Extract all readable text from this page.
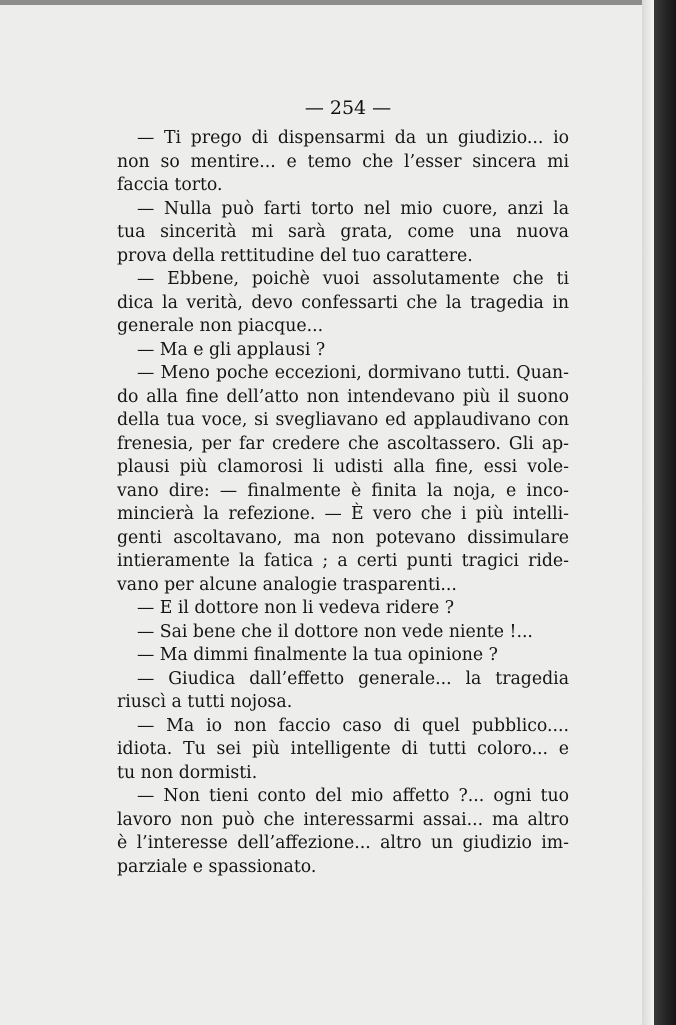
— 254 —
— Ti prego di dispensarmi da un giudizio... io
non so mentire... e temo che l’esser sincera mi
faccia torto.
— Nulla può farti torto nel mio cuore, anzi la
tua sincerità mi sarà grata, come una nuova
prova della rettitudine del tuo carattere.
— Ebbene, poichè vuoi assolutamente che ti
dica la verità, devo confessarti che la tragedia in
generale non piacque...
— Ma e gli applausi ?
— Meno poche eccezioni, dormivano tutti. Quan-
do alla fine dell’atto non intendevano più il suono
della tua voce, si svegliavano ed applaudivano con
frenesia, per far credere che ascoltassero. Gli ap-
plausi più clamorosi li udisti alla fine, essi vole-
vano dire: — finalmente è finita la noja, e inco-
mincierà la refezione. — È vero che i più intelli-
genti ascoltavano, ma non potevano dissimulare
intieramente la fatica ; a certi punti tragici ride-
vano per alcune analogie trasparenti...
— E il dottore non li vedeva ridere ?
— Sai bene che il dottore non vede niente !...
— Ma dimmi finalmente la tua opinione ?
— Giudica dall’effetto generale... la tragedia
riuscì a tutti nojosa.
— Ma io non faccio caso di quel pubblico....
idiota. Tu sei più intelligente di tutti coloro... e
tu non dormisti.
— Non tieni conto del mio affetto ?... ogni tuo
lavoro non può che interessarmi assai... ma altro
è l’interesse dell’affezione... altro un giudizio im-
parziale e spassionato.
